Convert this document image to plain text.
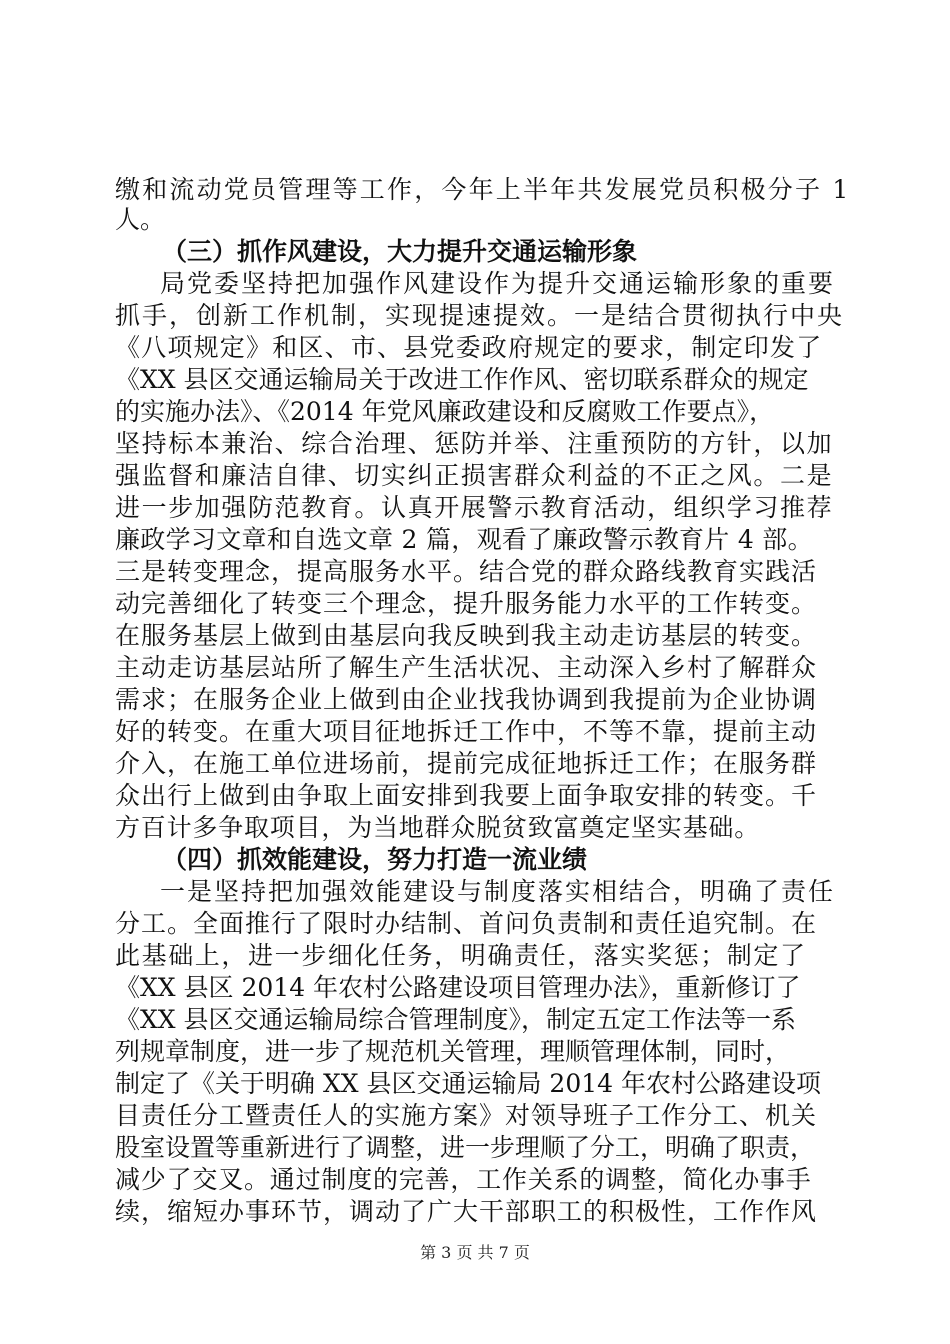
缴和流动党员管理等工作，今年上半年共发展党员积极分子 1
人。
（三）抓作风建设，大力提升交通运输形象
局党委坚持把加强作风建设作为提升交通运输形象的重要
抓手，创新工作机制，实现提速提效。一是结合贯彻执行中央
《八项规定》和区、市、县党委政府规定的要求，制定印发了
《XX 县区交通运输局关于改进工作作风、密切联系群众的规定
的实施办法》、《2014 年党风廉政建设和反腐败工作要点》，
坚持标本兼治、综合治理、惩防并举、注重预防的方针，以加
强监督和廉洁自律、切实纠正损害群众利益的不正之风。二是
进一步加强防范教育。认真开展警示教育活动，组织学习推荐
廉政学习文章和自选文章 2 篇，观看了廉政警示教育片 4 部。
三是转变理念，提高服务水平。结合党的群众路线教育实践活
动完善细化了转变三个理念，提升服务能力水平的工作转变。
在服务基层上做到由基层向我反映到我主动走访基层的转变。
主动走访基层站所了解生产生活状况、主动深入乡村了解群众
需求；在服务企业上做到由企业找我协调到我提前为企业协调
好的转变。在重大项目征地拆迁工作中，不等不靠，提前主动
介入，在施工单位进场前，提前完成征地拆迁工作；在服务群
众出行上做到由争取上面安排到我要上面争取安排的转变。千
方百计多争取项目，为当地群众脱贫致富奠定坚实基础。
（四）抓效能建设，努力打造一流业绩
一是坚持把加强效能建设与制度落实相结合，明确了责任
分工。全面推行了限时办结制、首问负责制和责任追究制。在
此基础上，进一步细化任务，明确责任，落实奖惩；制定了
《XX 县区 2014 年农村公路建设项目管理办法》，重新修订了
《XX 县区交通运输局综合管理制度》，制定五定工作法等一系
列规章制度，进一步了规范机关管理，理顺管理体制，同时，
制定了《关于明确 XX 县区交通运输局 2014 年农村公路建设项
目责任分工暨责任人的实施方案》对领导班子工作分工、机关
股室设置等重新进行了调整，进一步理顺了分工，明确了职责，
减少了交叉。通过制度的完善，工作关系的调整，简化办事手
续，缩短办事环节，调动了广大干部职工的积极性，工作作风
第 3 页 共 7 页
